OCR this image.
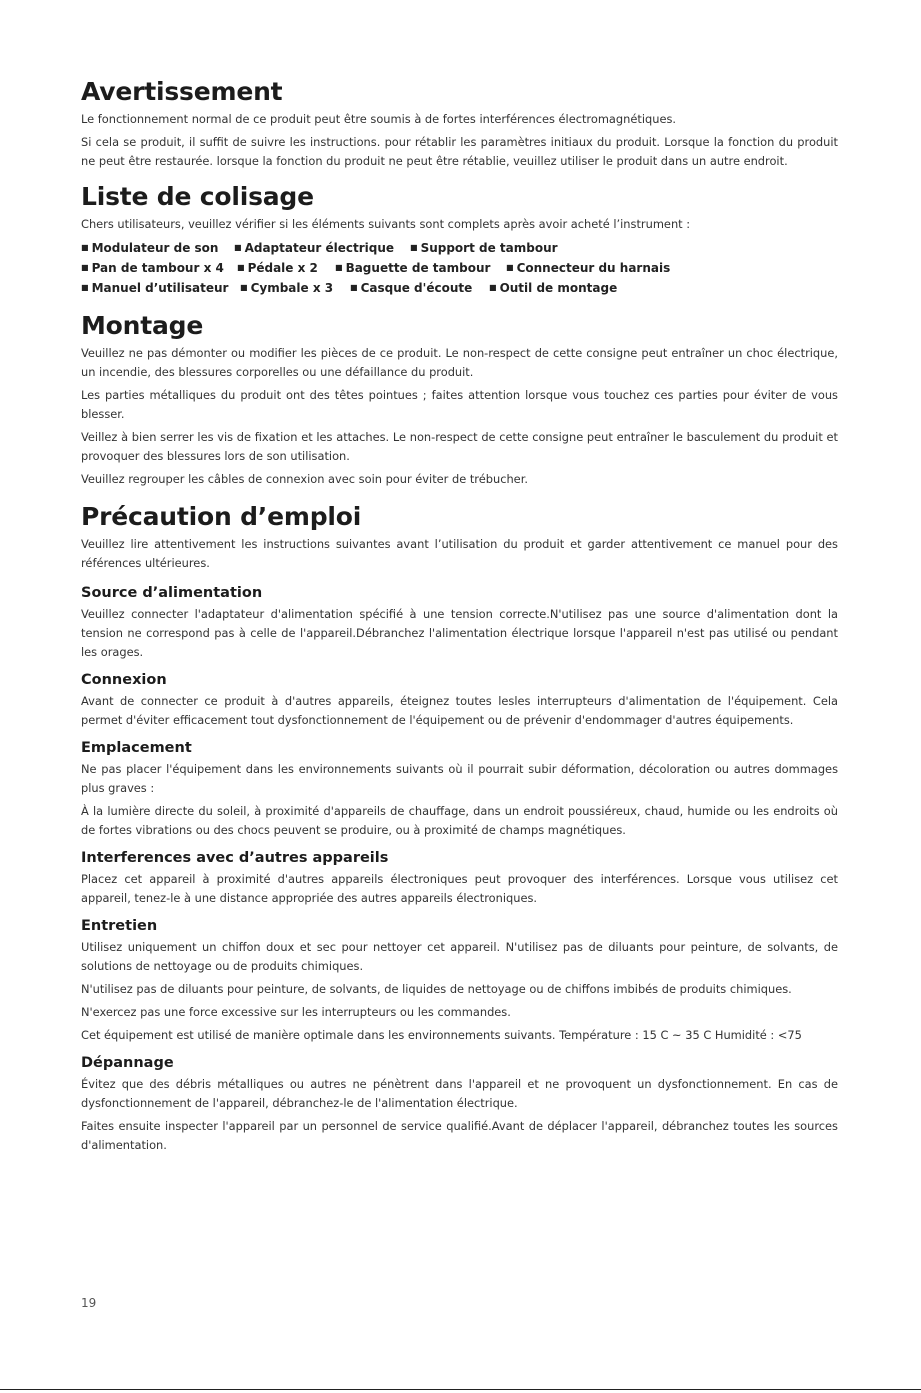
Avertissement

Le fonctionnement normal de ce produit peut être soumis à de fortes interférences électromagnétiques.

Si cela se produit, il suffit de suivre les instructions. pour rétablir les paramètres initiaux du produit. Lorsque la fonction du produit ne peut être restaurée. lorsque la fonction du produit ne peut être rétablie, veuillez utiliser le produit dans un autre endroit.

Liste de colisage

Chers utilisateurs, veuillez vérifier si les éléments suivants sont complets après avoir acheté l’instrument :

■ Modulateur de son	■ Adaptateur électrique	■ Support de tambour
■ Pan de tambour x 4	■ Pédale x 2	■ Baguette de tambour	■ Connecteur du harnais
■ Manuel d’utilisateur	■ Cymbale x 3	■ Casque d'écoute	■ Outil de montage
Montage

Veuillez ne pas démonter ou modifier les pièces de ce produit. Le non-respect de cette consigne peut entraîner un choc électrique, un incendie, des blessures corporelles ou une défaillance du produit.

Les parties métalliques du produit ont des têtes pointues ; faites attention lorsque vous touchez ces parties pour éviter de vous blesser.

Veillez à bien serrer les vis de fixation et les attaches. Le non-respect de cette consigne peut entraîner le basculement du produit et provoquer des blessures lors de son utilisation.

Veuillez regrouper les câbles de connexion avec soin pour éviter de trébucher.

Précaution d’emploi

Veuillez lire attentivement les instructions suivantes avant l’utilisation du produit et garder attentivement ce manuel pour des références ultérieures.

Source d’alimentation

Veuillez connecter l'adaptateur d'alimentation spécifié à une tension correcte.N'utilisez pas une source d'alimentation dont la tension ne correspond pas à celle de l'appareil.Débranchez l'alimentation électrique lorsque l'appareil n'est pas utilisé ou pendant les orages.

Connexion

Avant de connecter ce produit à d'autres appareils, éteignez toutes lesles interrupteurs d'alimentation de l'équipement. Cela permet d'éviter efficacement tout dysfonctionnement de l'équipement ou de prévenir d'endommager d'autres équipements.

Emplacement

Ne pas placer l'équipement dans les environnements suivants où il pourrait subir déformation, décoloration ou autres dommages plus graves :

À la lumière directe du soleil, à proximité d'appareils de chauffage, dans un endroit poussiéreux, chaud, humide ou les endroits où de fortes vibrations ou des chocs peuvent se produire, ou à proximité de champs magnétiques.

Interferences avec d’autres appareils

Placez cet appareil à proximité d'autres appareils électroniques peut provoquer des interférences. Lorsque vous utilisez cet appareil, tenez-le à une distance appropriée des autres appareils électroniques.

Entretien

Utilisez uniquement un chiffon doux et sec pour nettoyer cet appareil. N'utilisez pas de diluants pour peinture, de solvants, de solutions de nettoyage ou de produits chimiques.

N'utilisez pas de diluants pour peinture, de solvants, de liquides de nettoyage ou de chiffons imbibés de produits chimiques.

N'exercez pas une force excessive sur les interrupteurs ou les commandes.

Cet équipement est utilisé de manière optimale dans les environnements suivants. Température : 15 C ~ 35 C Humidité : <75

Dépannage

Évitez que des débris métalliques ou autres ne pénètrent dans l'appareil et ne provoquent un dysfonctionnement. En cas de dysfonctionnement de l'appareil, débranchez-le de l'alimentation électrique.

Faites ensuite inspecter l'appareil par un personnel de service qualifié.Avant de déplacer l'appareil, débranchez toutes les sources d'alimentation.

19
